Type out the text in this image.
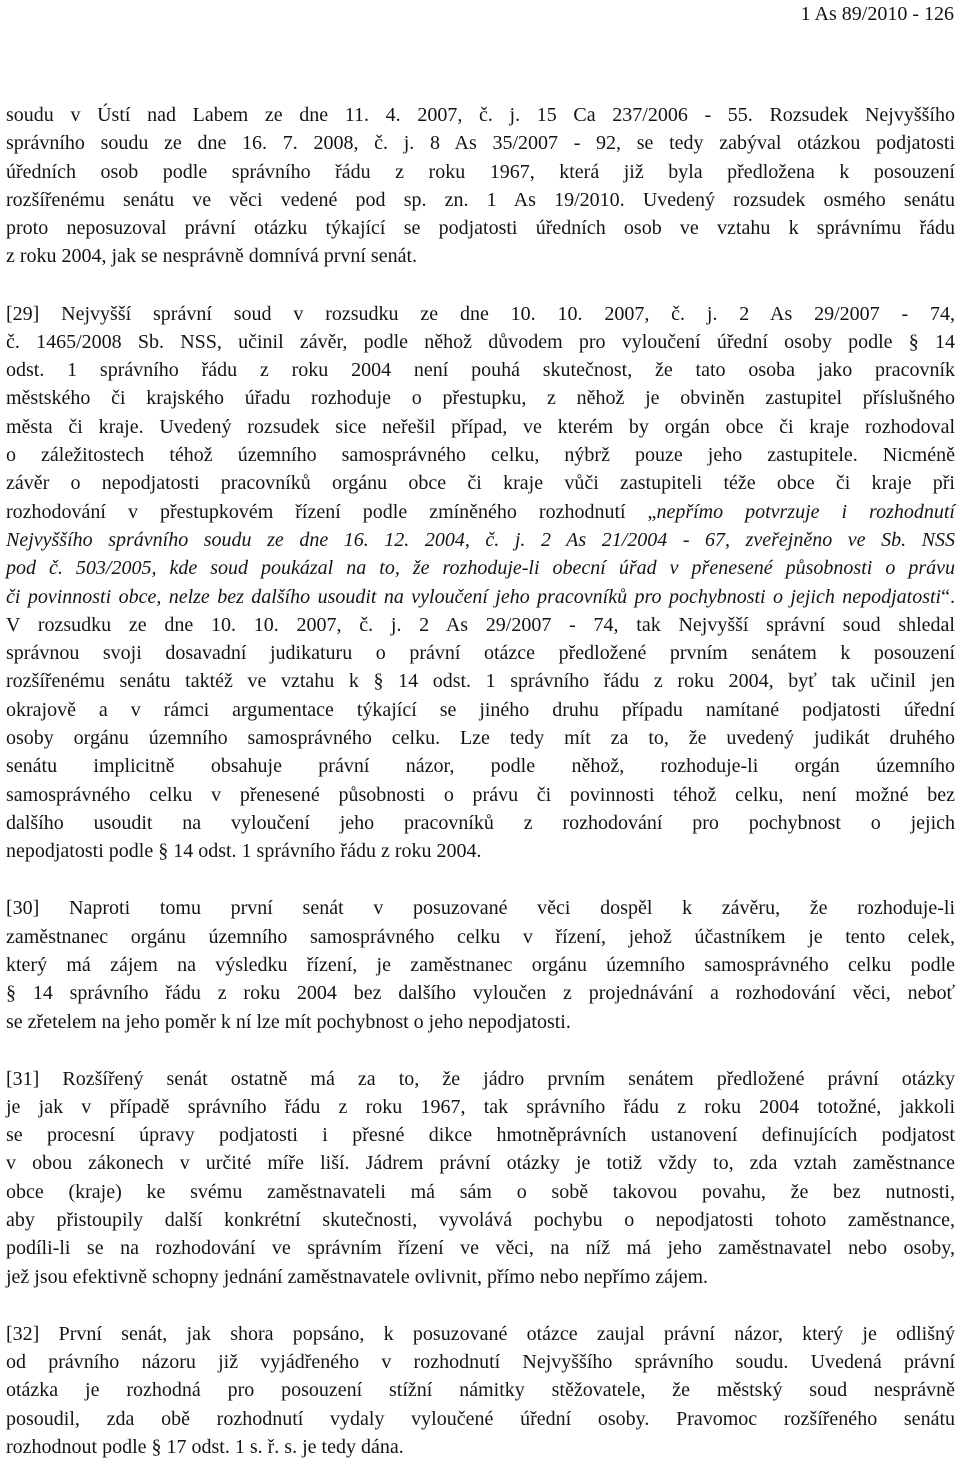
1 As 89/2010 - 126
soudu v Ústí nad Labem ze dne 11. 4. 2007, č. j. 15 Ca 237/2006 - 55. Rozsudek Nejvyššího
správního soudu ze dne 16. 7. 2008, č. j. 8 As 35/2007 - 92, se tedy zabýval otázkou podjatosti
úředních osob podle správního řádu z roku 1967, která již byla předložena k posouzení
rozšířenému senátu ve věci vedené pod sp. zn. 1 As 19/2010. Uvedený rozsudek osmého senátu
proto neposuzoval právní otázku týkající se podjatosti úředních osob ve vztahu k správnímu řádu
z roku 2004, jak se nesprávně domnívá první senát.
[29] Nejvyšší správní soud v rozsudku ze dne 10. 10. 2007, č. j. 2 As 29/2007 - 74,
č. 1465/2008 Sb. NSS, učinil závěr, podle něhož důvodem pro vyloučení úřední osoby podle § 14
odst. 1 správního řádu z roku 2004 není pouhá skutečnost, že tato osoba jako pracovník
městského či krajského úřadu rozhoduje o přestupku, z něhož je obviněn zastupitel příslušného
města či kraje. Uvedený rozsudek sice neřešil případ, ve kterém by orgán obce či kraje rozhodoval
o záležitostech téhož územního samosprávného celku, nýbrž pouze jeho zastupitele. Nicméně
závěr o nepodjatosti pracovníků orgánu obce či kraje vůči zastupiteli téže obce či kraje při
rozhodování v přestupkovém řízení podle zmíněného rozhodnutí „nepřímo potvrzuje i rozhodnutí
Nejvyššího správního soudu ze dne 16. 12. 2004, č. j. 2 As 21/2004 - 67, zveřejněno ve Sb. NSS
pod č. 503/2005, kde soud poukázal na to, že rozhoduje-li obecní úřad v přenesené působnosti o právu
či povinnosti obce, nelze bez dalšího usoudit na vyloučení jeho pracovníků pro pochybnosti o jejich nepodjatosti“.
V rozsudku ze dne 10. 10. 2007, č. j. 2 As 29/2007 - 74, tak Nejvyšší správní soud shledal
správnou svoji dosavadní judikaturu o právní otázce předložené prvním senátem k posouzení
rozšířenému senátu taktéž ve vztahu k § 14 odst. 1 správního řádu z roku 2004, byť tak učinil jen
okrajově a v rámci argumentace týkající se jiného druhu případu namítané podjatosti úřední
osoby orgánu územního samosprávného celku. Lze tedy mít za to, že uvedený judikát druhého
senátu implicitně obsahuje právní názor, podle něhož, rozhoduje-li orgán územního
samosprávného celku v přenesené působnosti o právu či povinnosti téhož celku, není možné bez
dalšího usoudit na vyloučení jeho pracovníků z rozhodování pro pochybnost o jejich
nepodjatosti podle § 14 odst. 1 správního řádu z roku 2004.
[30] Naproti tomu první senát v posuzované věci dospěl k závěru, že rozhoduje-li
zaměstnanec orgánu územního samosprávného celku v řízení, jehož účastníkem je tento celek,
který má zájem na výsledku řízení, je zaměstnanec orgánu územního samosprávného celku podle
§ 14 správního řádu z roku 2004 bez dalšího vyloučen z projednávání a rozhodování věci, neboť
se zřetelem na jeho poměr k ní lze mít pochybnost o jeho nepodjatosti.
[31] Rozšířený senát ostatně má za to, že jádro prvním senátem předložené právní otázky
je jak v případě správního řádu z roku 1967, tak správního řádu z roku 2004 totožné, jakkoli
se procesní úpravy podjatosti i přesné dikce hmotněprávních ustanovení definujících podjatost
v obou zákonech v určité míře liší. Jádrem právní otázky je totiž vždy to, zda vztah zaměstnance
obce (kraje) ke svému zaměstnavateli má sám o sobě takovou povahu, že bez nutnosti,
aby přistoupily další konkrétní skutečnosti, vyvolává pochybu o nepodjatosti tohoto zaměstnance,
podíli-li se na rozhodování ve správním řízení ve věci, na níž má jeho zaměstnavatel nebo osoby,
jež jsou efektivně schopny jednání zaměstnavatele ovlivnit, přímo nebo nepřímo zájem.
[32] První senát, jak shora popsáno, k posuzované otázce zaujal právní názor, který je odlišný
od právního názoru již vyjádřeného v rozhodnutí Nejvyššího správního soudu. Uvedená právní
otázka je rozhodná pro posouzení stížní námitky stěžovatele, že městský soud nesprávně
posoudil, zda obě rozhodnutí vydaly vyloučené úřední osoby. Pravomoc rozšířeného senátu
rozhodnout podle § 17 odst. 1 s. ř. s. je tedy dána.
